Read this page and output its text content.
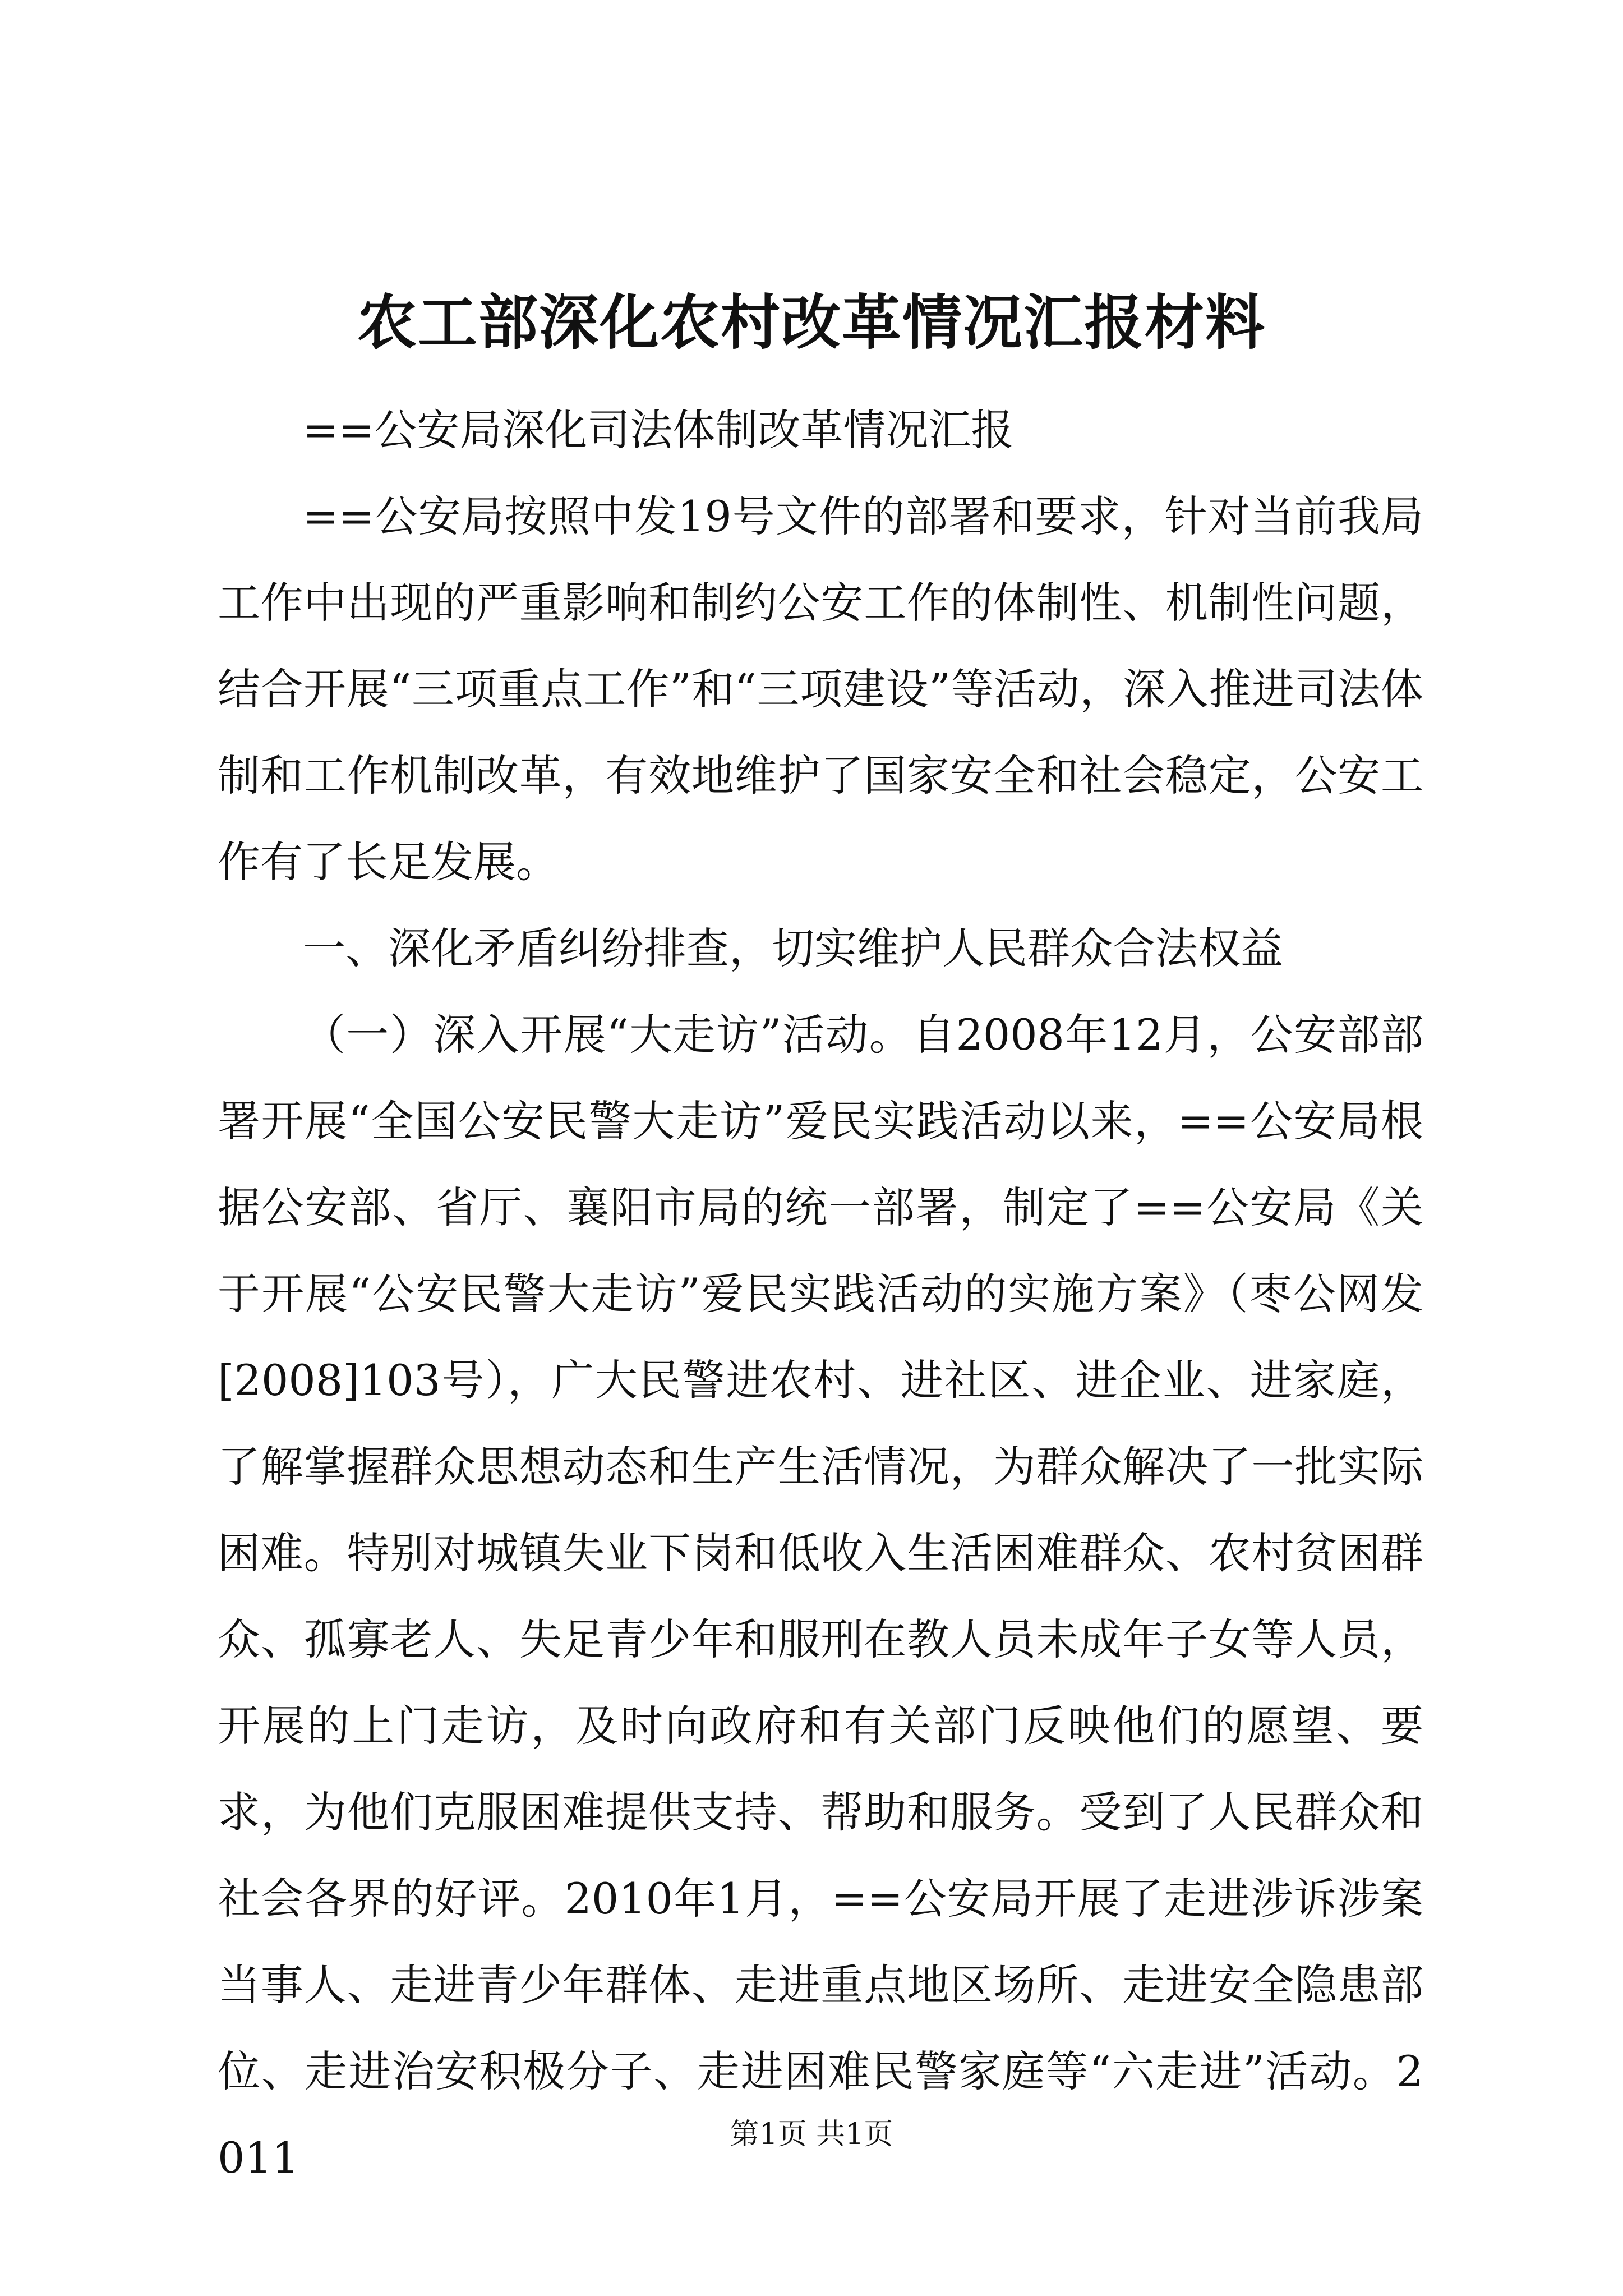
农工部深化农村改革情况汇报材料

==公安局深化司法体制改革情况汇报

==公安局按照中发19号文件的部署和要求，针对当前我局工作中出现的严重影响和制约公安工作的体制性、机制性问题，结合开展“三项重点工作”和“三项建设”等活动，深入推进司法体制和工作机制改革，有效地维护了国家安全和社会稳定，公安工作有了长足发展。

一、深化矛盾纠纷排查，切实维护人民群众合法权益

（一）深入开展“大走访”活动。自2008年12月，公安部部署开展“全国公安民警大走访”爱民实践活动以来，==公安局根据公安部、省厅、襄阳市局的统一部署，制定了==公安局《关于开展“公安民警大走访”爱民实践活动的实施方案》（枣公网发[2008]103号），广大民警进农村、进社区、进企业、进家庭，了解掌握群众思想动态和生产生活情况，为群众解决了一批实际困难。特别对城镇失业下岗和低收入生活困难群众、农村贫困群众、孤寡老人、失足青少年和服刑在教人员未成年子女等人员，开展的上门走访，及时向政府和有关部门反映他们的愿望、要求，为他们克服困难提供支持、帮助和服务。受到了人民群众和社会各界的好评。2010年1月，==公安局开展了走进涉诉涉案当事人、走进青少年群体、走进重点地区场所、走进安全隐患部位、走进治安积极分子、走进困难民警家庭等“六走进”活动。2011	第1页 共1页
